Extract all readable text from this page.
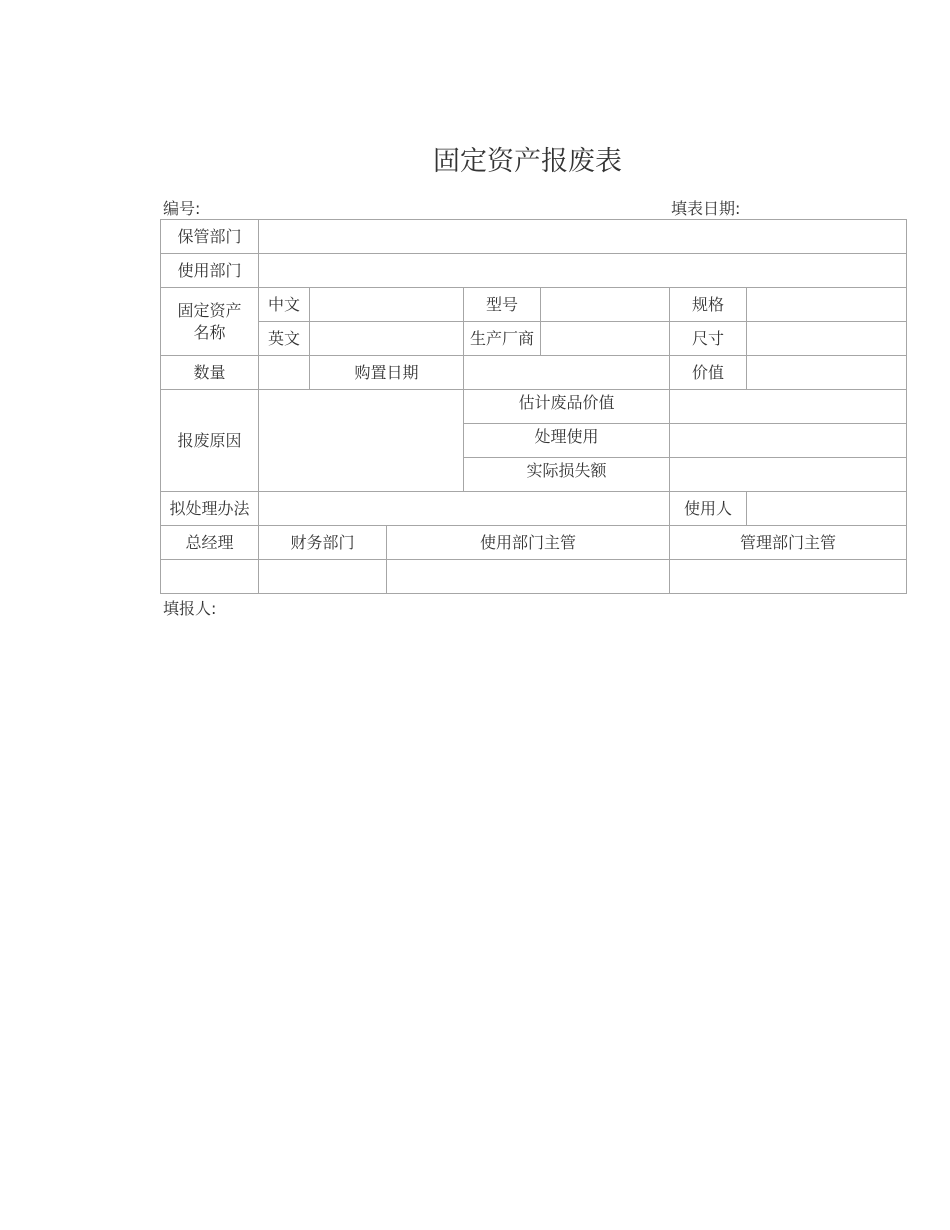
固定资产报废表
编号:	填表日期:
保管部门							
使用部门							
固定资产
名称	中文			型号		规格	
	英文			生产厂商		尺寸	
数量		购置日期				价值	
报废原因				估计废品价值			
				处理使用			
				实际损失额			
拟处理办法						使用人	
总经理	财务部门		使用部门主管			管理部门主管	

填报人:
